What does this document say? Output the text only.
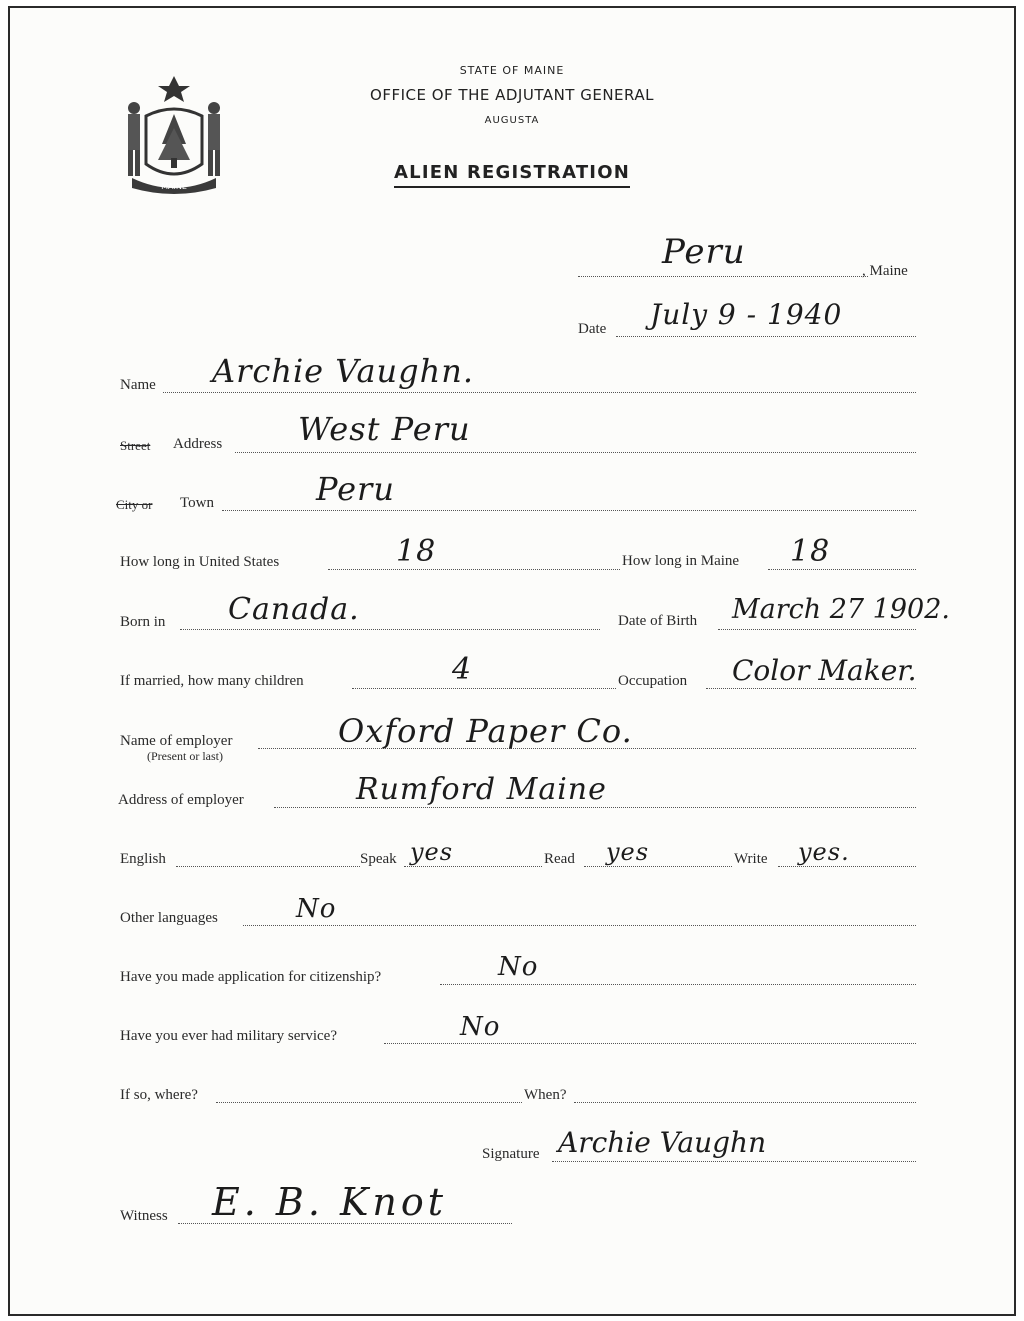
MAINE
STATE OF MAINE
OFFICE OF THE ADJUTANT GENERAL
AUGUSTA
ALIEN REGISTRATION
Peru	, Maine
Date July 9 - 1940
Name Archie Vaughn.
Street Address West Peru
City or Town	Peru
How long in United States	18	How long in Maine 18
Born in Canada.	Date of Birth March 27 1902.
If married, how many children	4	Occupation Color Maker.
Name of employer
(Present or last)
Oxford Paper Co.
Address of employer	Rumford Maine
English	Speak yes	Read yes	Write yes.
Other languages	No
Have you made application for citizenship?	No
Have you ever had military service?	No
If so, where?	When?
Signature Archie Vaughn
Witness E. B. Knot
